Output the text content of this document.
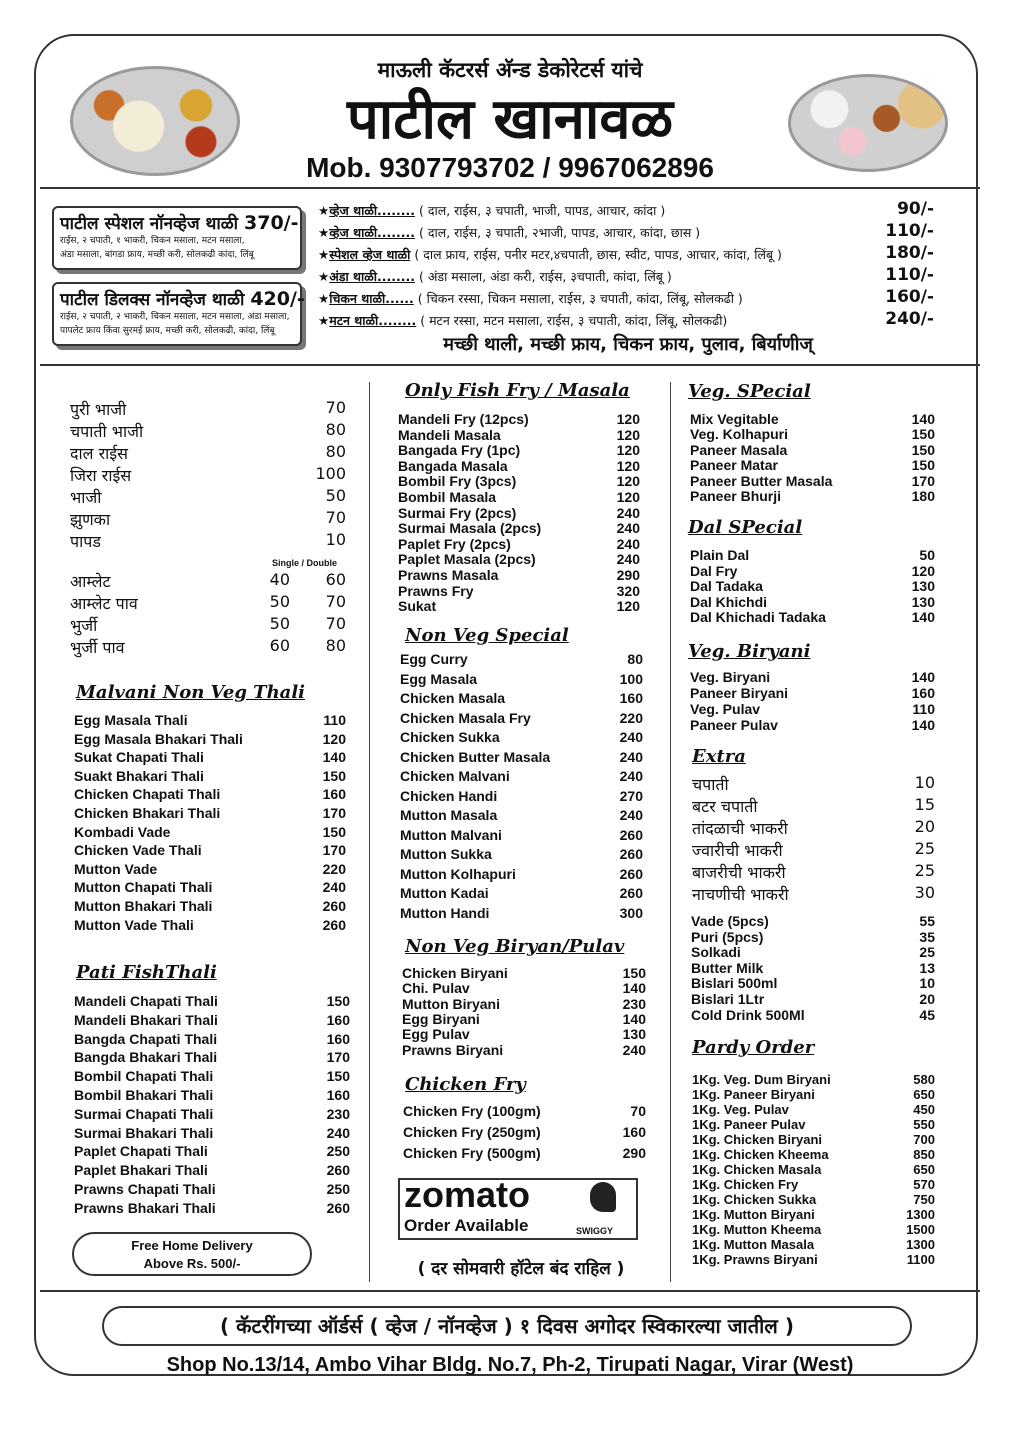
माऊली कॅटरर्स अ‍ॅन्ड डेकोरेटर्स यांचे
पाटील खानावळ
Mob. 9307793702 / 9967062896
पाटील स्पेशल नॉनव्हेज थाळी 370/-
राईस, २ चपाती, १ भाकरी, चिकन मसाला, मटन मसाला,
अंडा मसाला, बांगडा फ्राय, मच्छी करी, सोलकढी कांदा, लिंबू
पाटील डिलक्स नॉनव्हेज थाळी 420/-
राईस, २ चपाती, २ भाकरी, चिकन मसाला, मटन मसाला, अंडा मसाला,
पापलेट फ्राय किंवा सुरमई फ्राय, मच्छी करी, सोलकढी, कांदा, लिंबू
★व्हेज थाळी........ ( दाल, राईस, ३ चपाती, भाजी, पापड, आचार, कांदा )	90/-
★व्हेज थाळी........ ( दाल, राईस, ३ चपाती, २भाजी, पापड, आचार, कांदा, छास )	110/-
★स्पेशल व्हेज थाळी ( दाल फ्राय, राईस, पनीर मटर,४चपाती, छास, स्वीट, पापड, आचार, कांदा, लिंबू )	180/-
★अंडा थाळी........ ( अंडा मसाला, अंडा करी, राईस, ३चपाती, कांदा, लिंबू )	110/-
★चिकन थाळी...... ( चिकन रस्सा, चिकन मसाला, राईस, ३ चपाती, कांदा, लिंबू, सोलकढी )	160/-
★मटन थाळी........ ( मटन रस्सा, मटन मसाला, राईस, ३ चपाती, कांदा, लिंबू, सोलकढी)	240/-
मच्छी थाली, मच्छी फ्राय, चिकन फ्राय, पुलाव, बिर्याणीज्
पुरी भाजी	70
चपाती भाजी	80
दाल राईस	80
जिरा राईस	100
भाजी	50
झुणका	70
पापड	10
Single / Double
आम्लेट	40 60
आम्लेट पाव	50 70
भुर्जी	50 70
भुर्जी पाव	60 80
Malvani Non Veg Thali
Egg Masala Thali	110
Egg Masala Bhakari Thali	120
Sukat Chapati Thali	140
Suakt Bhakari Thali	150
Chicken Chapati Thali	160
Chicken Bhakari Thali	170
Kombadi Vade	150
Chicken Vade Thali	170
Mutton Vade	220
Mutton Chapati Thali	240
Mutton Bhakari Thali	260
Mutton Vade Thali	260
Pati FishThali
Mandeli Chapati Thali	150
Mandeli Bhakari Thali	160
Bangda Chapati Thali	160
Bangda Bhakari Thali	170
Bombil Chapati Thali	150
Bombil Bhakari Thali	160
Surmai Chapati Thali	230
Surmai Bhakari Thali	240
Paplet Chapati Thali	250
Paplet Bhakari Thali	260
Prawns Chapati Thali	250
Prawns Bhakari Thali	260
Free Home Delivery
Above Rs. 500/-
Only Fish Fry / Masala
Mandeli Fry (12pcs)	120
Mandeli Masala	120
Bangada Fry (1pc)	120
Bangada Masala	120
Bombil Fry (3pcs)	120
Bombil Masala	120
Surmai Fry (2pcs)	240
Surmai Masala (2pcs)	240
Paplet Fry (2pcs)	240
Paplet Masala (2pcs)	240
Prawns Masala	290
Prawns Fry	320
Sukat	120
Non Veg Special
Egg Curry	80
Egg Masala	100
Chicken Masala	160
Chicken Masala Fry	220
Chicken Sukka	240
Chicken Butter Masala	240
Chicken Malvani	240
Chicken Handi	270
Mutton Masala	240
Mutton Malvani	260
Mutton Sukka	260
Mutton Kolhapuri	260
Mutton Kadai	260
Mutton Handi	300
Non Veg Biryan/Pulav
Chicken Biryani	150
Chi. Pulav	140
Mutton Biryani	230
Egg Biryani	140
Egg Pulav	130
Prawns Biryani	240
Chicken Fry
Chicken Fry (100gm)	70
Chicken Fry (250gm)	160
Chicken Fry (500gm)	290
zomato
Order Available	SWIGGY
( दर सोमवारी हॉटेल बंद राहिल )
Veg. SPecial
Mix Vegitable	140
Veg. Kolhapuri	150
Paneer Masala	150
Paneer Matar	150
Paneer Butter Masala	170
Paneer Bhurji	180
Dal SPecial
Plain Dal	50
Dal Fry	120
Dal Tadaka	130
Dal Khichdi	130
Dal Khichadi Tadaka	140
Veg. Biryani
Veg. Biryani	140
Paneer Biryani	160
Veg. Pulav	110
Paneer Pulav	140
Extra
चपाती	10
बटर चपाती	15
तांदळाची भाकरी	20
ज्वारीची भाकरी	25
बाजरीची भाकरी	25
नाचणीची भाकरी	30
Vade (5pcs)	55
Puri (5pcs)	35
Solkadi	25
Butter Milk	13
Bislari 500ml	10
Bislari 1Ltr	20
Cold Drink 500Ml	45
Pardy Order
1Kg. Veg. Dum Biryani	580
1Kg. Paneer Biryani	650
1Kg. Veg. Pulav	450
1Kg. Paneer Pulav	550
1Kg. Chicken Biryani	700
1Kg. Chicken Kheema	850
1Kg. Chicken Masala	650
1Kg. Chicken Fry	570
1Kg. Chicken Sukka	750
1Kg. Mutton Biryani	1300
1Kg. Mutton Kheema	1500
1Kg. Mutton Masala	1300
1Kg. Prawns Biryani	1100
( कॅटरींगच्या ऑर्डर्स ( व्हेज / नॉनव्हेज ) १ दिवस अगोदर स्विकारल्या जातील )
Shop No.13/14, Ambo Vihar Bldg. No.7, Ph-2, Tirupati Nagar, Virar (West)
